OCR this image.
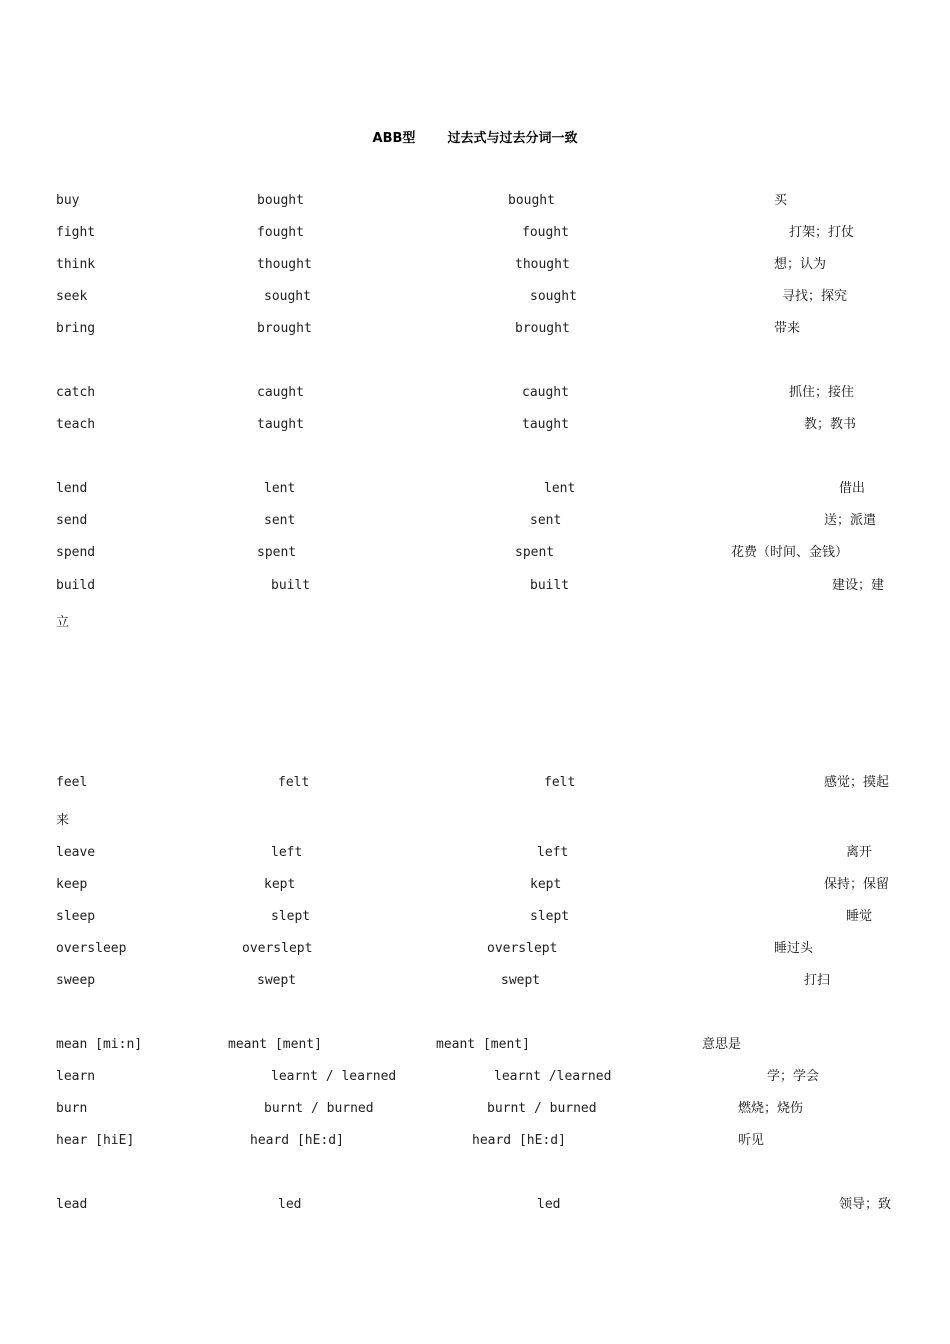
ABB型 过去式与过去分词一致
buy	bought	bought	买
fight	fought	fought	打架；打仗
think	thought	thought	想；认为
seek	sought	sought	寻找；探究
bring	brought	brought	带来
catch	caught	caught	抓住；接住
teach	taught	taught	教；教书
lend	lent	lent	借出
send	sent	sent	送；派遣
spend	spent	spent	花费（时间、金钱）
build	built	built	建设；建
立
feel	felt	felt	感觉；摸起
来
leave	left	left	离开
keep	kept	kept	保持；保留
sleep	slept	slept	睡觉
oversleep	overslept	overslept	睡过头
sweep	swept	swept	打扫
mean [mi:n]	meant [ment]	meant [ment]	意思是
learn	learnt / learned	learnt /learned	学；学会
burn	burnt / burned	burnt / burned	燃烧；烧伤
hear [hiE]	heard [hE:d]	heard [hE:d]	听见
lead	led	led	领导；致
